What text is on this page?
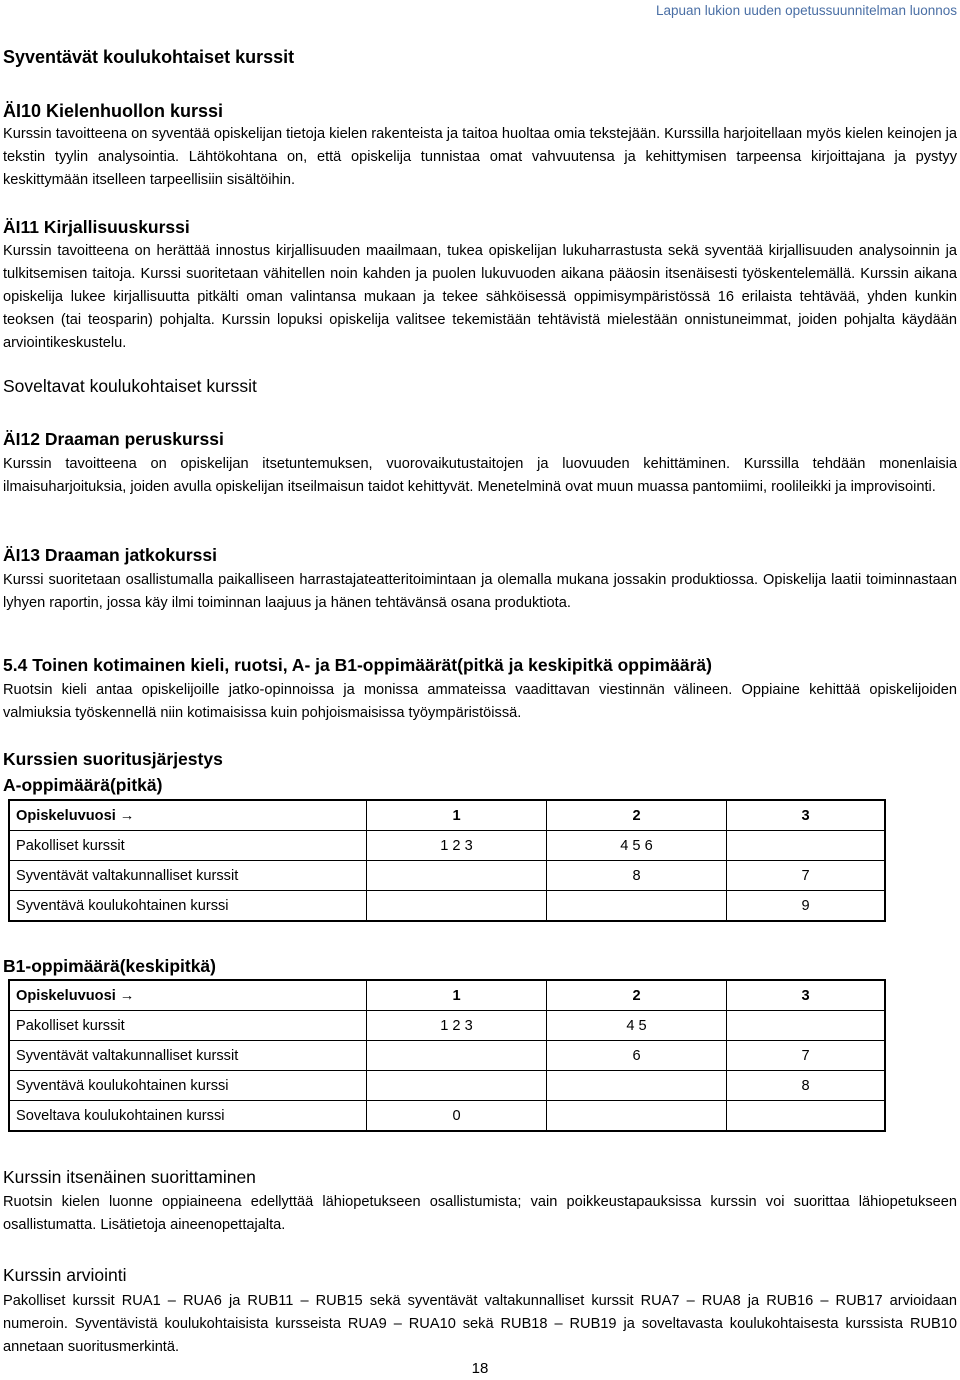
Lapuan lukion uuden opetussuunnitelman luonnos
Syventävät koulukohtaiset kurssit
ÄI10 Kielenhuollon kurssi

Kurssin tavoitteena on syventää opiskelijan tietoja kielen rakenteista ja taitoa huoltaa omia tekstejään. Kurssilla harjoitellaan myös kielen keinojen ja tekstin tyylin analysointia. Lähtökohtana on, että opiskelija tunnistaa omat vahvuutensa ja kehittymisen tarpeensa kirjoittajana ja pystyy keskittymään itselleen tarpeellisiin sisältöihin.

ÄI11 Kirjallisuuskurssi

Kurssin tavoitteena on herättää innostus kirjallisuuden maailmaan, tukea opiskelijan lukuharrastusta sekä syventää kirjallisuuden analysoinnin ja tulkitsemisen taitoja. Kurssi suoritetaan vähitellen noin kahden ja puolen lukuvuoden aikana pääosin itsenäisesti työskentelemällä. Kurssin aikana opiskelija lukee kirjallisuutta pitkälti oman valintansa mukaan ja tekee sähköisessä oppimisympäristössä 16 erilaista tehtävää, yhden kunkin teoksen (tai teosparin) pohjalta. Kurssin lopuksi opiskelija valitsee tekemistään tehtävistä mielestään onnistuneimmat, joiden pohjalta käydään arviointikeskustelu.

Soveltavat koulukohtaiset kurssit
ÄI12 Draaman peruskurssi

Kurssin tavoitteena on opiskelijan itsetuntemuksen, vuorovaikutustaitojen ja luovuuden kehittäminen. Kurssilla tehdään monenlaisia ilmaisuharjoituksia, joiden avulla opiskelijan itseilmaisun taidot kehittyvät. Menetelminä ovat muun muassa pantomiimi, roolileikki ja improvisointi.

ÄI13 Draaman jatkokurssi

Kurssi suoritetaan osallistumalla paikalliseen harrastajateatteritoimintaan ja olemalla mukana jossakin produktiossa. Opiskelija laatii toiminnastaan lyhyen raportin, jossa käy ilmi toiminnan laajuus ja hänen tehtävänsä osana produktiota.

5.4 Toinen kotimainen kieli, ruotsi, A- ja B1-oppimäärät(pitkä ja keskipitkä oppimäärä)

Ruotsin kieli antaa opiskelijoille jatko-opinnoissa ja monissa ammateissa vaadittavan viestinnän välineen. Oppiaine kehittää opiskelijoiden valmiuksia työskennellä niin kotimaisissa kuin pohjoismaisissa työympäristöissä.

Kurssien suoritusjärjestys
A-oppimäärä(pitkä)
Opiskeluvuosi →	1	2	3
Pakolliset kurssit	1 2 3	4 5 6	
Syventävät valtakunnalliset kurssit		8	7
Syventävä koulukohtainen kurssi			9
B1-oppimäärä(keskipitkä)
Opiskeluvuosi →	1	2	3
Pakolliset kurssit	1 2 3	4 5	
Syventävät valtakunnalliset kurssit		6	7
Syventävä koulukohtainen kurssi			8
Soveltava koulukohtainen kurssi	0		
Kurssin itsenäinen suorittaminen

Ruotsin kielen luonne oppiaineena edellyttää lähiopetukseen osallistumista; vain poikkeustapauksissa kurssin voi suorittaa lähiopetukseen osallistumatta. Lisätietoja aineenopettajalta.

Kurssin arviointi

Pakolliset kurssit RUA1 – RUA6 ja RUB11 – RUB15 sekä syventävät valtakunnalliset kurssit RUA7 – RUA8 ja RUB16 – RUB17 arvioidaan numeroin. Syventävistä koulukohtaisista kursseista RUA9 – RUA10 sekä RUB18 – RUB19 ja soveltavasta koulukohtaisesta kurssista RUB10 annetaan suoritusmerkintä.

18
